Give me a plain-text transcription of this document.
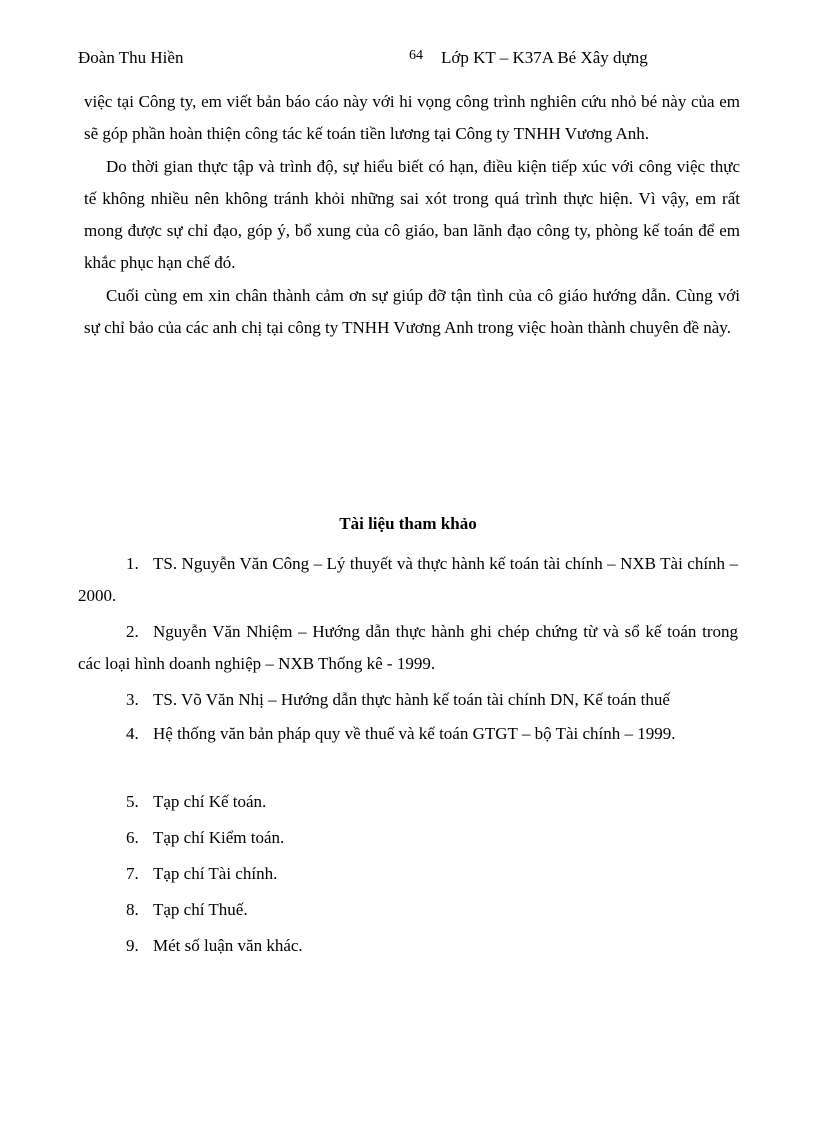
Đoàn Thu Hiền	64 Lớp KT – K37A Bé Xây dựng

việc tại Công ty, em viết bản báo cáo này với hi vọng công trình nghiên cứu nhỏ bé này của em sẽ góp phần hoàn thiện công tác kế toán tiền lương tại Công ty TNHH Vương Anh.

Do thời gian thực tập và trình độ, sự hiểu biết có hạn, điều kiện tiếp xúc với công việc thực tế không nhiều nên không tránh khỏi những sai xót trong quá trình thực hiện. Vì vậy, em rất mong được sự chỉ đạo, góp ý, bổ xung của cô giáo, ban lãnh đạo công ty, phòng kế toán để em khắc phục hạn chế đó.

Cuối cùng em xin chân thành cảm ơn sự giúp đỡ tận tình của cô giáo hướng dẫn. Cùng với sự chỉ bảo của các anh chị tại công ty TNHH Vương Anh trong việc hoàn thành chuyên đề này.

Tài liệu tham khảo
1. TS. Nguyễn Văn Công – Lý thuyết và thực hành kế toán tài chính – NXB Tài chính – 2000.
2. Nguyễn Văn Nhiệm – Hướng dẫn thực hành ghi chép chứng từ và sổ kế toán trong các loại hình doanh nghiệp – NXB Thống kê - 1999.
3. TS. Võ Văn Nhị – Hướng dẫn thực hành kế toán tài chính DN, Kế toán thuế
4. Hệ thống văn bản pháp quy về thuế và kế toán GTGT – bộ Tài chính – 1999.
5. Tạp chí Kế toán.
6. Tạp chí Kiểm toán.
7. Tạp chí Tài chính.
8. Tạp chí Thuế.
9. Mét số luận văn khác.
